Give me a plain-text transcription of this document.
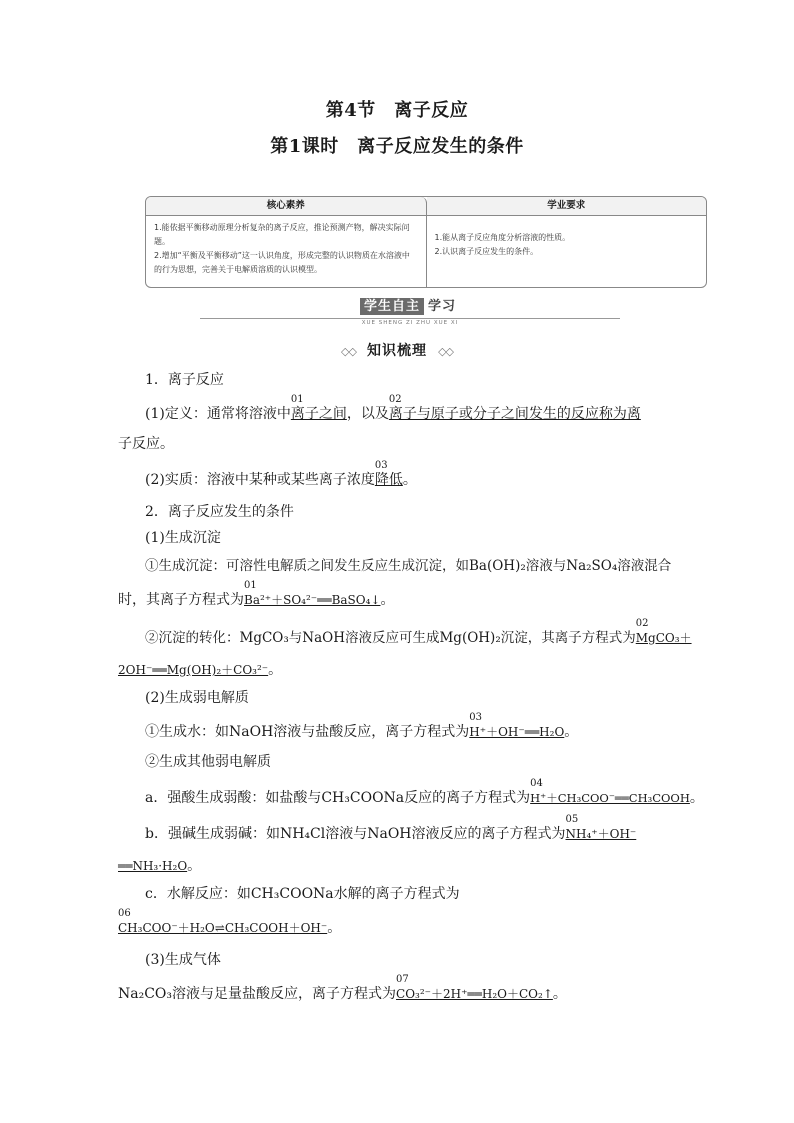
第4节　离子反应
第1课时　离子反应发生的条件
核心素养	学业要求
1.能依据平衡移动原理分析复杂的离子反应，推论预测产物，解决实际问题。
2.增加“平衡及平衡移动”这一认识角度，形成完整的认识物质在水溶液中的行为思想，完善关于电解质溶质的认识模型。
1.能从离子反应角度分析溶液的性质。
2.认识离子反应发生的条件。
学生自主 学习
XUE SHENG ZI ZHU XUE XI
◇◇ 知识梳理 ◇◇
1．离子反应
(1)定义：通常将溶液中
01
离子之间，以及
02
离子与原子或分子之间发生的反应称为离
子反应。
(2)实质：溶液中某种或某些离子浓度
03
降低。
2．离子反应发生的条件
(1)生成沉淀
①生成沉淀：可溶性电解质之间发生反应生成沉淀，如Ba(OH)₂溶液与Na₂SO₄溶液混合
时，其离子方程式为
01
Ba²⁺＋SO₄²⁻══BaSO₄↓。
②沉淀的转化：MgCO₃与NaOH溶液反应可生成Mg(OH)₂沉淀，其离子方程式为
02
MgCO₃＋
2OH⁻══Mg(OH)₂＋CO₃²⁻。
(2)生成弱电解质
①生成水：如NaOH溶液与盐酸反应，离子方程式为
03
H⁺＋OH⁻══H₂O。
②生成其他弱电解质
a．强酸生成弱酸：如盐酸与CH₃COONa反应的离子方程式为
04
H⁺＋CH₃COO⁻══CH₃COOH。
b．强碱生成弱碱：如NH₄Cl溶液与NaOH溶液反应的离子方程式为
05
NH₄⁺＋OH⁻
══NH₃·H₂O。
c．水解反应：如CH₃COONa水解的离子方程式为
06
CH₃COO⁻＋H₂O⇌CH₃COOH＋OH⁻。
(3)生成气体
Na₂CO₃溶液与足量盐酸反应，离子方程式为
07
CO₃²⁻＋2H⁺══H₂O＋CO₂↑。
